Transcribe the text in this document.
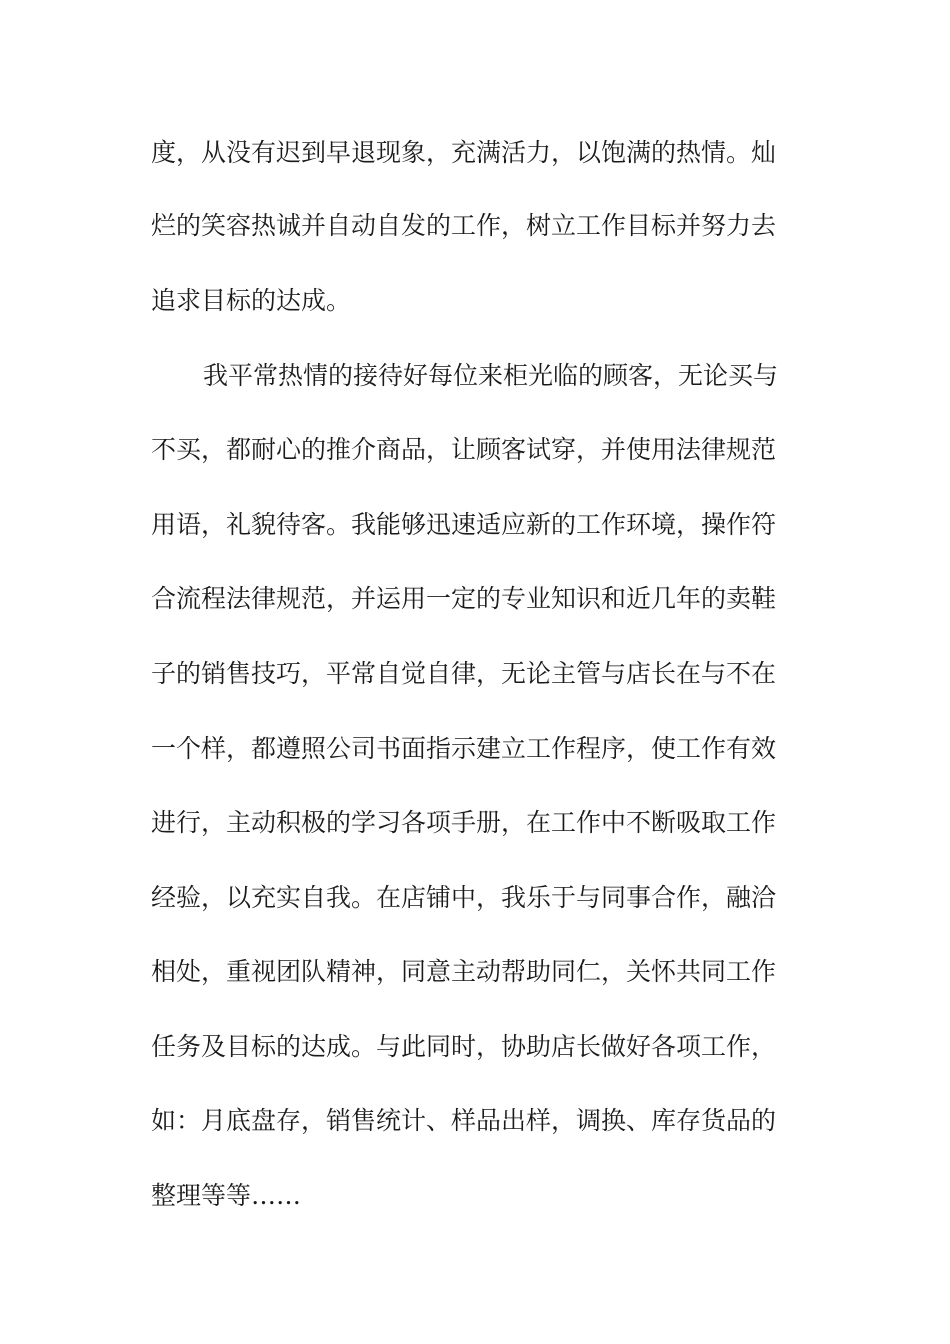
度，从没有迟到早退现象，充满活力，以饱满的热情。灿
烂的笑容热诚并自动自发的工作，树立工作目标并努力去
追求目标的达成。
我平常热情的接待好每位来柜光临的顾客，无论买与
不买，都耐心的推介商品，让顾客试穿，并使用法律规范
用语，礼貌待客。我能够迅速适应新的工作环境，操作符
合流程法律规范，并运用一定的专业知识和近几年的卖鞋
子的销售技巧，平常自觉自律，无论主管与店长在与不在
一个样，都遵照公司书面指示建立工作程序，使工作有效
进行，主动积极的学习各项手册，在工作中不断吸取工作
经验，以充实自我。在店铺中，我乐于与同事合作，融洽
相处，重视团队精神，同意主动帮助同仁，关怀共同工作
任务及目标的达成。与此同时，协助店长做好各项工作，
如：月底盘存，销售统计、样品出样，调换、库存货品的
整理等等……
